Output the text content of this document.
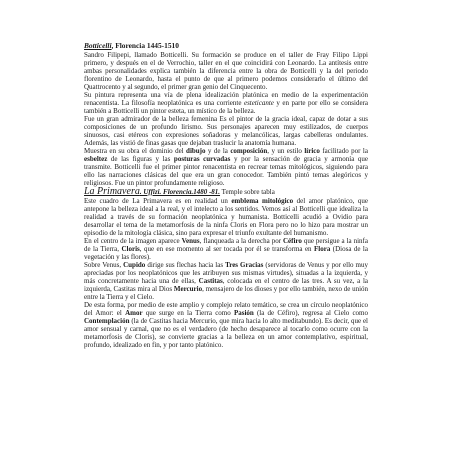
Botticelli, Florencia 1445-1510

Sandro Filipepi, llamado Botticelli. Su formación se produce en el taller de Fray Filipo Lippi primero, y después en el de Verrochio, taller en el que coincidirá con Leonardo. La antítesis entre ambas personalidades explica también la diferencia entre la obra de Botticelli y la del periodo florentino de Leonardo, hasta el punto de que al primero podemos considerarlo el último del Quattrocento y al segundo, el primer gran genio del Cinquecento.

Su pintura representa una vía de plena idealización platónica en medio de la experimentación renacentista. La filosofía neoplatónica es una corriente esteticante y en parte por ello se considera también a Botticelli un pintor esteta, un místico de la belleza.

Fue un gran admirador de la belleza femenina Es el pintor de la gracia ideal, capaz de dotar a sus composiciones de un profundo lirismo. Sus personajes aparecen muy estilizados, de cuerpos sinuosos, casi etéreos con expresiones soñadoras y melancólicas, largas cabelleras ondulantes. Además, las vistió de finas gasas que dejaban traslucir la anatomía humana.

Muestra en su obra el dominio del dibujo y de la composición, y un estilo lírico facilitado por la esbeltez de las figuras y las posturas curvadas y por la sensación de gracia y armonía que transmite. Botticelli fue el primer pintor renacentista en recrear temas mitológicos, siguiendo para ello las narraciones clásicas del que era un gran conocedor. También pintó temas alegóricos y religiosos. Fue un pintor profundamente religioso.

La Primavera. Uffizi. Florencia.1480 -81. Temple sobre tabla

Este cuadro de La Primavera es en realidad un emblema mitológico del amor platónico, que antepone la belleza ideal a la real, y el intelecto a los sentidos. Vemos así al Botticelli que idealiza la realidad a través de su formación neoplatónica y humanista. Botticelli acudió a Ovidio para desarrollar el tema de la metamorfosis de la ninfa Cloris en Flora pero no lo hizo para mostrar un episodio de la mitología clásica, sino para expresar el triunfo exultante del humanismo.

En el centro de la imagen aparece Venus, flanqueada a la derecha por Céfiro que persigue a la ninfa de la Tierra, Cloris, que en ese momento al ser tocada por él se transforma en Flora (Diosa de la vegetación y las flores).

Sobre Venus, Cupido dirige sus flechas hacia las Tres Gracias (servidoras de Venus y por ello muy apreciadas por los neoplatónicos que les atribuyen sus mismas virtudes), situadas a la izquierda, y más concretamente hacia una de ellas, Castitas, colocada en el centro de las tres. A su vez, a la izquierda, Castitas mira al Dios Mercurio, mensajero de los dioses y por ello también, nexo de unión entre la Tierra y el Cielo.

De esta forma, por medio de este amplio y complejo relato temático, se crea un círculo neoplatónico del Amor: el Amor que surge en la Tierra como Pasión (la de Céfiro), regresa al Cielo como Contemplación (la de Castitas hacia Mercurio, que mira hacia lo alto meditabundo). Es decir, que el amor sensual y carnal, que no es el verdadero (de hecho desaparece al tocarlo como ocurre con la metamorfosis de Cloris), se convierte gracias a la belleza en un amor contemplativo, espiritual, profundo, idealizado en fin, y por tanto platónico.
